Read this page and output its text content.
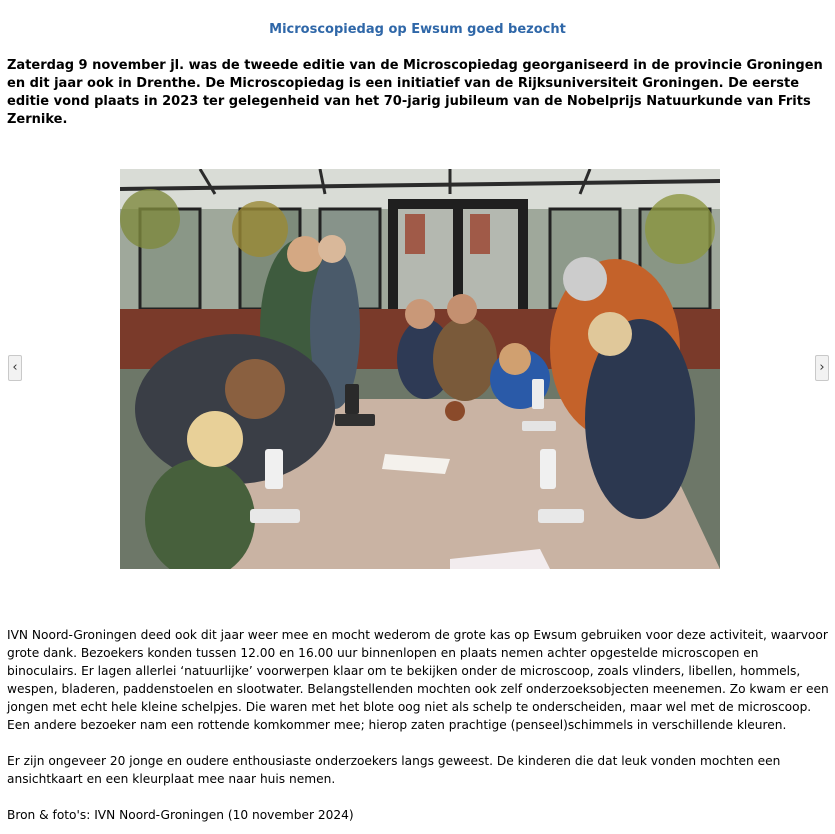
Microscopiedag op Ewsum goed bezocht
Zaterdag 9 november jl. was de tweede editie van de Microscopiedag georganiseerd in de provincie Groningen en dit jaar ook in Drenthe. De Microscopiedag is een initiatief van de Rijksuniversiteit Groningen. De eerste editie vond plaats in 2023 ter gelegenheid van het 70-jarig jubileum van de Nobelprijs Natuurkunde van Frits Zernike.
‹	›
IVN Noord-Groningen deed ook dit jaar weer mee en mocht wederom de grote kas op Ewsum gebruiken voor deze activiteit, waarvoor grote dank. Bezoekers konden tussen 12.00 en 16.00 uur binnenlopen en plaats nemen achter opgestelde microscopen en binoculairs. Er lagen allerlei ‘natuurlijke’ voorwerpen klaar om te bekijken onder de microscoop, zoals vlinders, libellen, hommels, wespen, bladeren, paddenstoelen en slootwater. Belangstellenden mochten ook zelf onderzoeksobjecten meenemen. Zo kwam er een jongen met echt hele kleine schelpjes. Die waren met het blote oog niet als schelp te onderscheiden, maar wel met de microscoop. Een andere bezoeker nam een rottende komkommer mee; hierop zaten prachtige (penseel)schimmels in verschillende kleuren.
Er zijn ongeveer 20 jonge en oudere enthousiaste onderzoekers langs geweest. De kinderen die dat leuk vonden mochten een ansichtkaart en een kleurplaat mee naar huis nemen.
Bron & foto's: IVN Noord-Groningen (10 november 2024)
